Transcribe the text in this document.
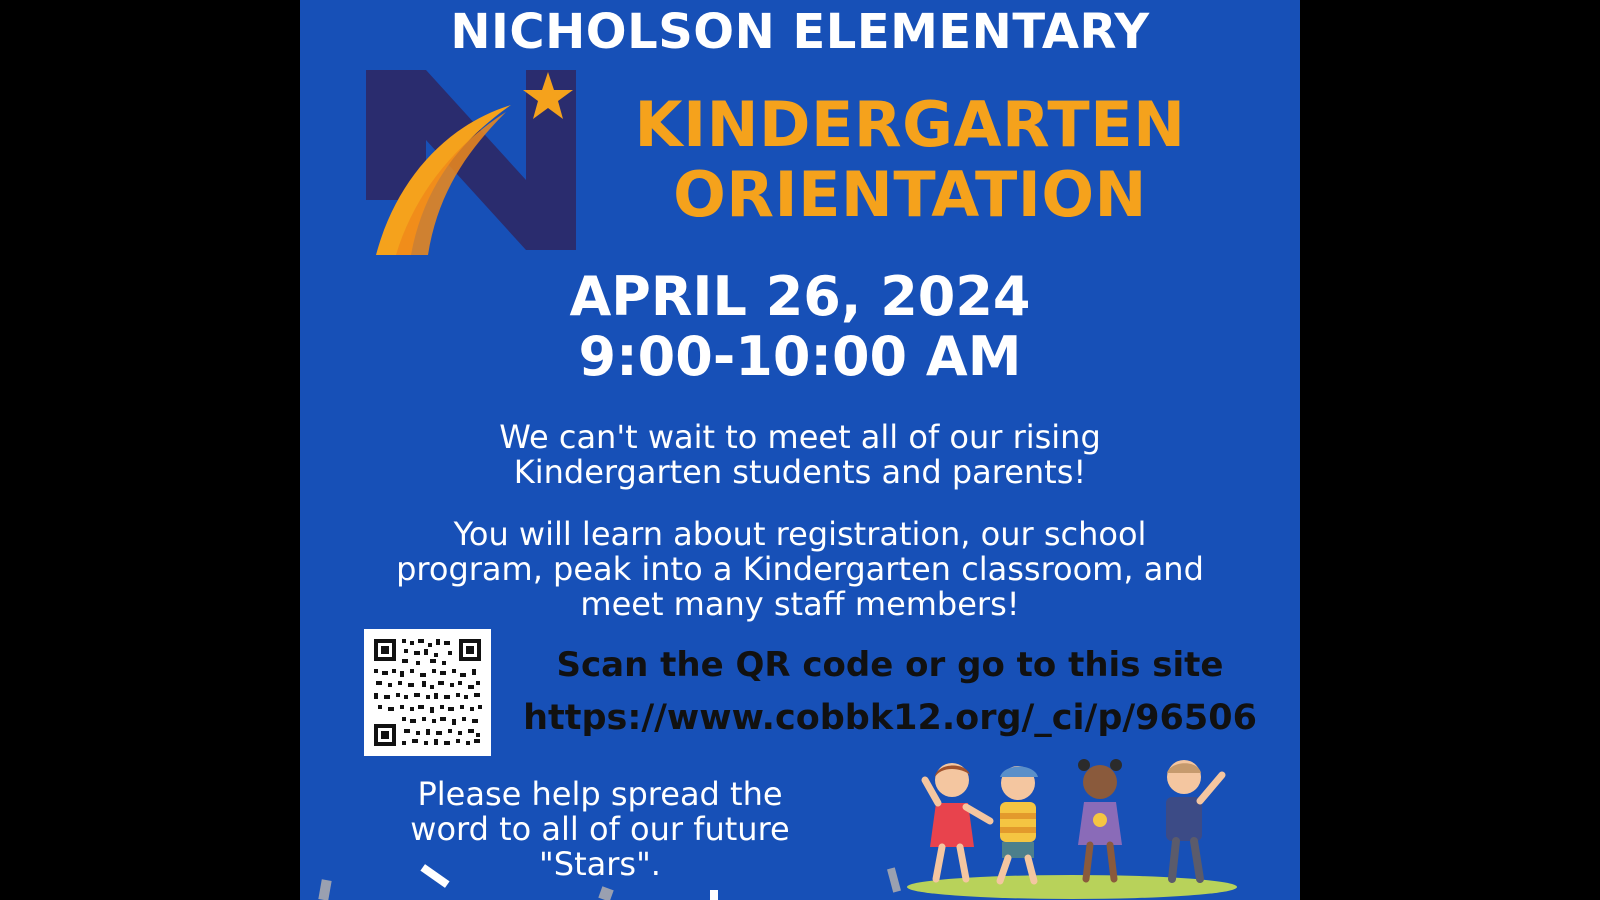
NICHOLSON ELEMENTARY
KINDERGARTEN
ORIENTATION
APRIL 26, 2024
9:00-10:00 AM
We can't wait to meet all of our rising
Kindergarten students and parents!
You will learn about registration, our school
program, peak into a Kindergarten classroom, and
meet many staff members!
Scan the QR code or go to this site
https://www.cobbk12.org/_ci/p/96506
Please help spread the
word to all of our future
"Stars".
